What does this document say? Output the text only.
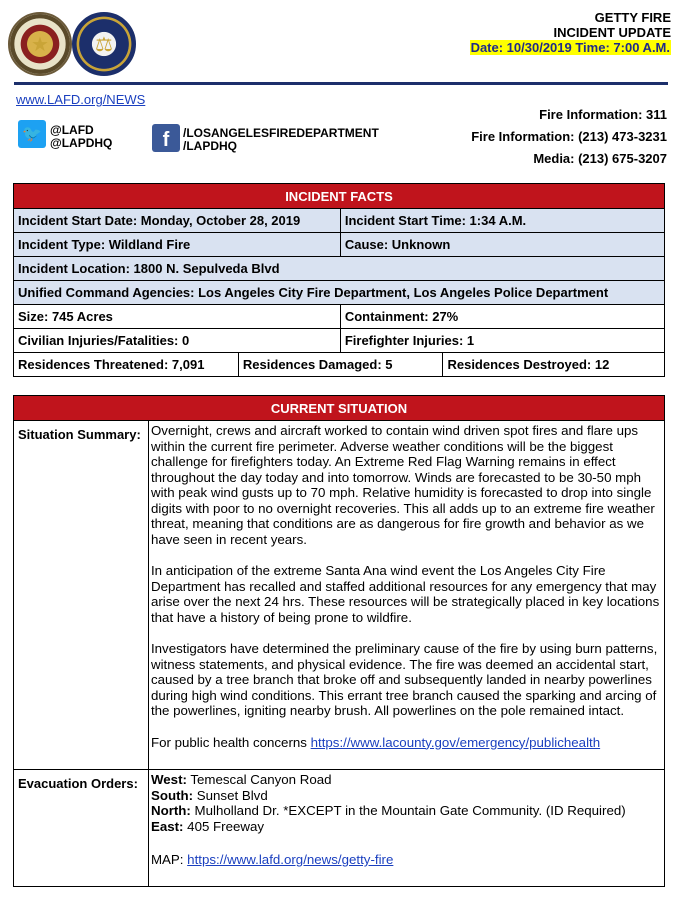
★	⚖
GETTY FIRE
INCIDENT UPDATE
Date: 10/30/2019 Time: 7:00 A.M.
www.LAFD.org/NEWS
🐦 @LAFD
@LAPDHQ	f	/LOSANGELESFIREDEPARTMENT
/LAPDHQ
Fire Information: 311
Fire Information: (213) 473-3231
Media: (213) 675-3207
INCIDENT FACTS			
Incident Start Date: Monday, October 28, 2019		Incident Start Time: 1:34 A.M.	
Incident Type: Wildland Fire		Cause: Unknown	
Incident Location: 1800 N. Sepulveda Blvd			
Unified Command Agencies: Los Angeles City Fire Department, Los Angeles Police Department			
Size: 745 Acres		Containment: 27%	
Civilian Injuries/Fatalities: 0		Firefighter Injuries: 1	
Residences Threatened: 7,091	Residences Damaged: 5		Residences Destroyed: 12
CURRENT SITUATION	
Situation Summary:	Overnight, crews and aircraft worked to contain wind driven spot fires and flare ups within the current fire perimeter. Adverse weather conditions will be the biggest challenge for firefighters today. An Extreme Red Flag Warning remains in effect throughout the day today and into tomorrow. Winds are forecasted to be 30-50 mph with peak wind gusts up to 70 mph. Relative humidity is forecasted to drop into single digits with poor to no overnight recoveries. This all adds up to an extreme fire weather threat, meaning that conditions are as dangerous for fire growth and behavior as we have seen in recent years.

In anticipation of the extreme Santa Ana wind event the Los Angeles City Fire Department has recalled and staffed additional resources for any emergency that may arise over the next 24 hrs. These resources will be strategically placed in key locations that have a history of being prone to wildfire.

Investigators have determined the preliminary cause of the fire by using burn patterns, witness statements, and physical evidence. The fire was deemed an accidental start, caused by a tree branch that broke off and subsequently landed in nearby powerlines during high wind conditions. This errant tree branch caused the sparking and arcing of the powerlines, igniting nearby brush. All powerlines on the pole remained intact.

For public health concerns https://www.lacounty.gov/emergency/publichealth

Evacuation Orders:	West: Temescal Canyon Road
South: Sunset Blvd
North: Mulholland Dr. *EXCEPT in the Mountain Gate Community. (ID Required)
East: 405 Freeway
MAP: https://www.lafd.org/news/getty-fire
